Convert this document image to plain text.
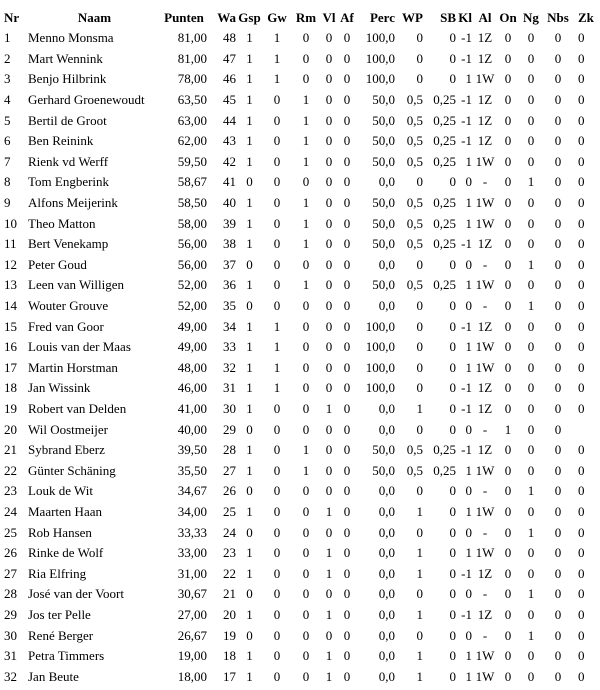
Nr	Naam	Punten	Wa	Gsp	Gw	Rm	Vl	Af	Perc	WP	SB	Kl	Al	On	Ng	Nbs	Zk
1	Menno Monsma	81,00	48	1	1	0	0	0	100,0	0	0	-1	1Z	0	0	0	0
2	Mart Wennink	81,00	47	1	1	0	0	0	100,0	0	0	-1	1Z	0	0	0	0
3	Benjo Hilbrink	78,00	46	1	1	0	0	0	100,0	0	0	1	1W	0	0	0	0
4	Gerhard Groenewoudt	63,50	45	1	0	1	0	0	50,0	0,5	0,25	-1	1Z	0	0	0	0
5	Bertil de Groot	63,00	44	1	0	1	0	0	50,0	0,5	0,25	-1	1Z	0	0	0	0
6	Ben Reinink	62,00	43	1	0	1	0	0	50,0	0,5	0,25	-1	1Z	0	0	0	0
7	Rienk vd Werff	59,50	42	1	0	1	0	0	50,0	0,5	0,25	1	1W	0	0	0	0
8	Tom Engberink	58,67	41	0	0	0	0	0	0,0	0	0	0	-	0	1	0	0
9	Alfons Meijerink	58,50	40	1	0	1	0	0	50,0	0,5	0,25	1	1W	0	0	0	0
10	Theo Matton	58,00	39	1	0	1	0	0	50,0	0,5	0,25	1	1W	0	0	0	0
11	Bert Venekamp	56,00	38	1	0	1	0	0	50,0	0,5	0,25	-1	1Z	0	0	0	0
12	Peter Goud	56,00	37	0	0	0	0	0	0,0	0	0	0	-	0	1	0	0
13	Leen van Willigen	52,00	36	1	0	1	0	0	50,0	0,5	0,25	1	1W	0	0	0	0
14	Wouter Grouve	52,00	35	0	0	0	0	0	0,0	0	0	0	-	0	1	0	0
15	Fred van Goor	49,00	34	1	1	0	0	0	100,0	0	0	-1	1Z	0	0	0	0
16	Louis van der Maas	49,00	33	1	1	0	0	0	100,0	0	0	1	1W	0	0	0	0
17	Martin Horstman	48,00	32	1	1	0	0	0	100,0	0	0	1	1W	0	0	0	0
18	Jan Wissink	46,00	31	1	1	0	0	0	100,0	0	0	-1	1Z	0	0	0	0
19	Robert van Delden	41,00	30	1	0	0	1	0	0,0	1	0	-1	1Z	0	0	0	0
20	Wil Oostmeijer	40,00	29	0	0	0	0	0	0,0	0	0	0	-	1	0	0	
21	Sybrand Eberz	39,50	28	1	0	1	0	0	50,0	0,5	0,25	-1	1Z	0	0	0	0
22	Günter Schäning	35,50	27	1	0	1	0	0	50,0	0,5	0,25	1	1W	0	0	0	0
23	Louk de Wit	34,67	26	0	0	0	0	0	0,0	0	0	0	-	0	1	0	0
24	Maarten Haan	34,00	25	1	0	0	1	0	0,0	1	0	1	1W	0	0	0	0
25	Rob Hansen	33,33	24	0	0	0	0	0	0,0	0	0	0	-	0	1	0	0
26	Rinke de Wolf	33,00	23	1	0	0	1	0	0,0	1	0	1	1W	0	0	0	0
27	Ria Elfring	31,00	22	1	0	0	1	0	0,0	1	0	-1	1Z	0	0	0	0
28	José van der Voort	30,67	21	0	0	0	0	0	0,0	0	0	0	-	0	1	0	0
29	Jos ter Pelle	27,00	20	1	0	0	1	0	0,0	1	0	-1	1Z	0	0	0	0
30	René Berger	26,67	19	0	0	0	0	0	0,0	0	0	0	-	0	1	0	0
31	Petra Timmers	19,00	18	1	0	0	1	0	0,0	1	0	1	1W	0	0	0	0
32	Jan Beute	18,00	17	1	0	0	1	0	0,0	1	0	1	1W	0	0	0	0
